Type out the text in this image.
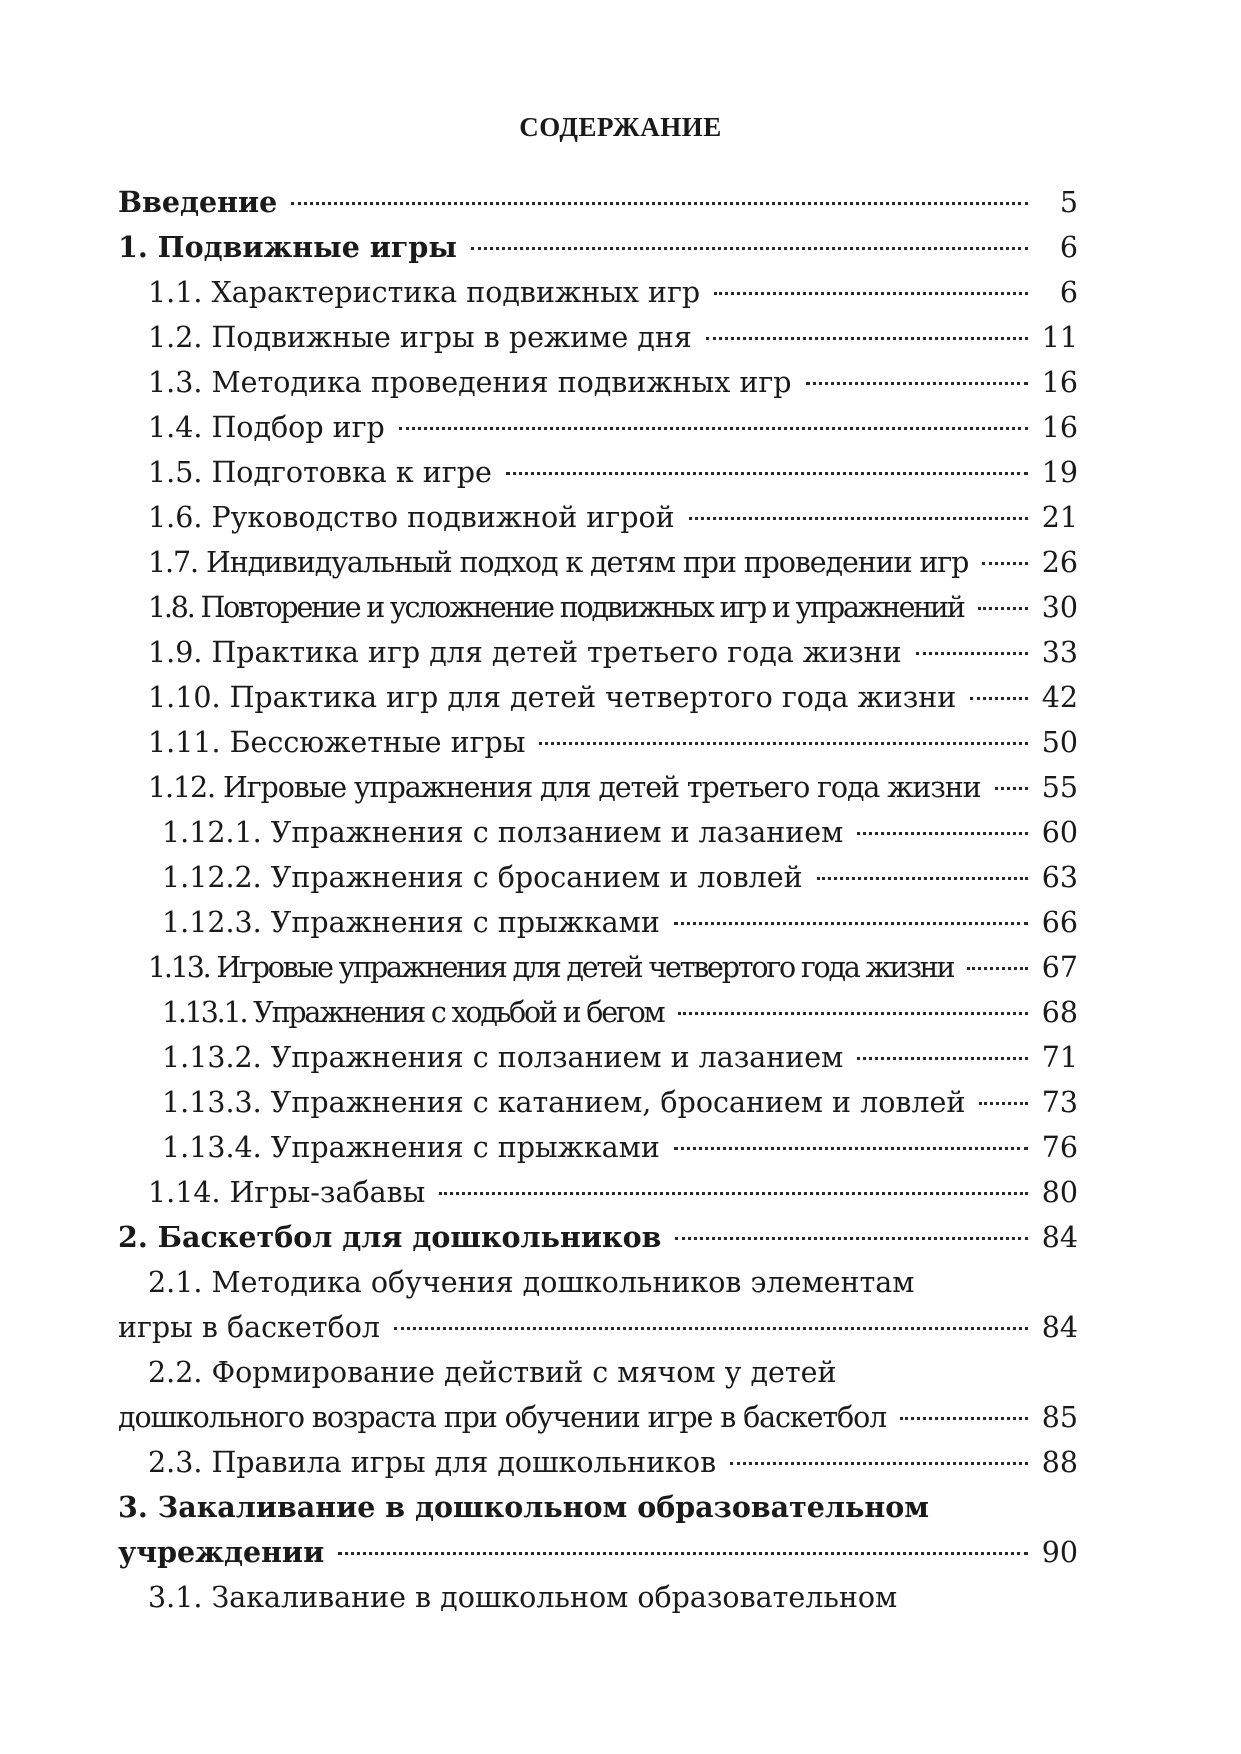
СОДЕРЖАНИЕ
Введение	5
1. Подвижные игры	6
1.1. Характеристика подвижных игр	6
1.2. Подвижные игры в режиме дня	11
1.3. Методика проведения подвижных игр	16
1.4. Подбор игр	16
1.5. Подготовка к игре	19
1.6. Руководство подвижной игрой	21
1.7. Индивидуальный подход к детям при проведении игр	26
1.8. Повторение и усложнение подвижных игр и упражнений	30
1.9. Практика игр для детей третьего года жизни	33
1.10. Практика игр для детей четвертого года жизни	42
1.11. Бессюжетные игры	50
1.12. Игровые упражнения для детей третьего года жизни 55
1.12.1. Упражнения с ползанием и лазанием	60
1.12.2. Упражнения с бросанием и ловлей	63
1.12.3. Упражнения с прыжками	66
1.13. Игровые упражнения для детей четвертого года жизни	67
1.13.1. Упражнения с ходьбой и бегом	68
1.13.2. Упражнения с ползанием и лазанием	71
1.13.3. Упражнения с катанием, бросанием и ловлей	73
1.13.4. Упражнения с прыжками	76
1.14. Игры-забавы	80
2. Баскетбол для дошкольников	84
2.1. Методика обучения дошкольников элементам
игры в баскетбол	84
2.2. Формирование действий с мячом у детей
дошкольного возраста при обучении игре в баскетбол	85
2.3. Правила игры для дошкольников	88
3. Закаливание в дошкольном образовательном
учреждении	90
3.1. Закаливание в дошкольном образовательном
